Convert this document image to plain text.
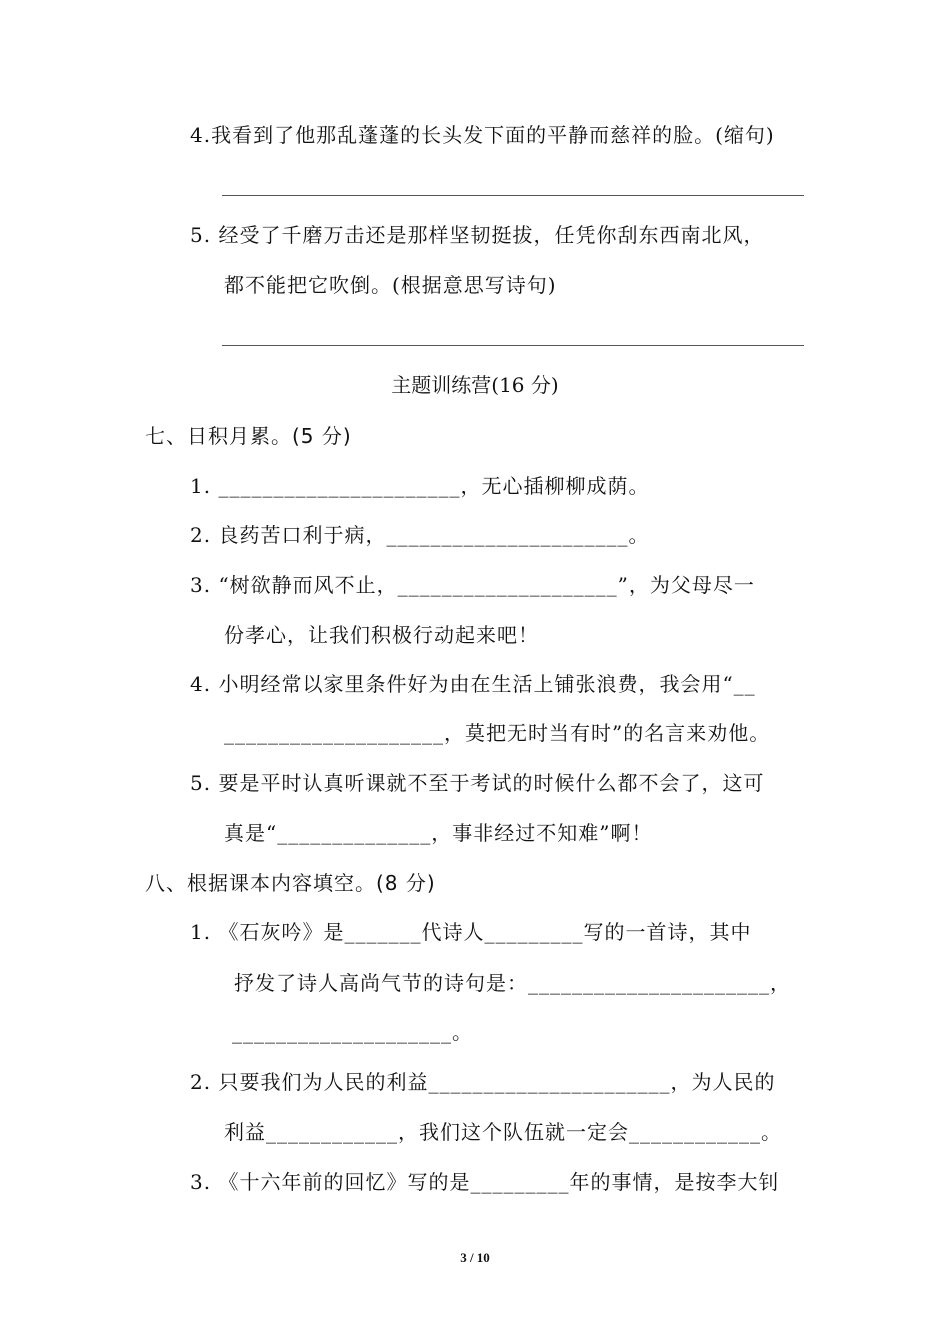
4.我看到了他那乱蓬蓬的长头发下面的平静而慈祥的脸。(缩句)
5. 经受了千磨万击还是那样坚韧挺拔，任凭你刮东西南北风，
都不能把它吹倒。(根据意思写诗句)
主题训练营(16 分)
七、日积月累。(5 分)
1. ______________________，无心插柳柳成荫。
2. 良药苦口利于病，______________________。
3. “树欲静而风不止，____________________”，为父母尽一
份孝心，让我们积极行动起来吧！
4. 小明经常以家里条件好为由在生活上铺张浪费，我会用“__
____________________，莫把无时当有时”的名言来劝他。
5. 要是平时认真听课就不至于考试的时候什么都不会了，这可
真是“______________，事非经过不知难”啊！
八、根据课本内容填空。(8 分)
1. 《石灰吟》是_______代诗人_________写的一首诗，其中
抒发了诗人高尚气节的诗句是：______________________，
____________________。
2. 只要我们为人民的利益______________________，为人民的
利益____________，我们这个队伍就一定会____________。
3. 《十六年前的回忆》写的是_________年的事情，是按李大钊
3 / 10
